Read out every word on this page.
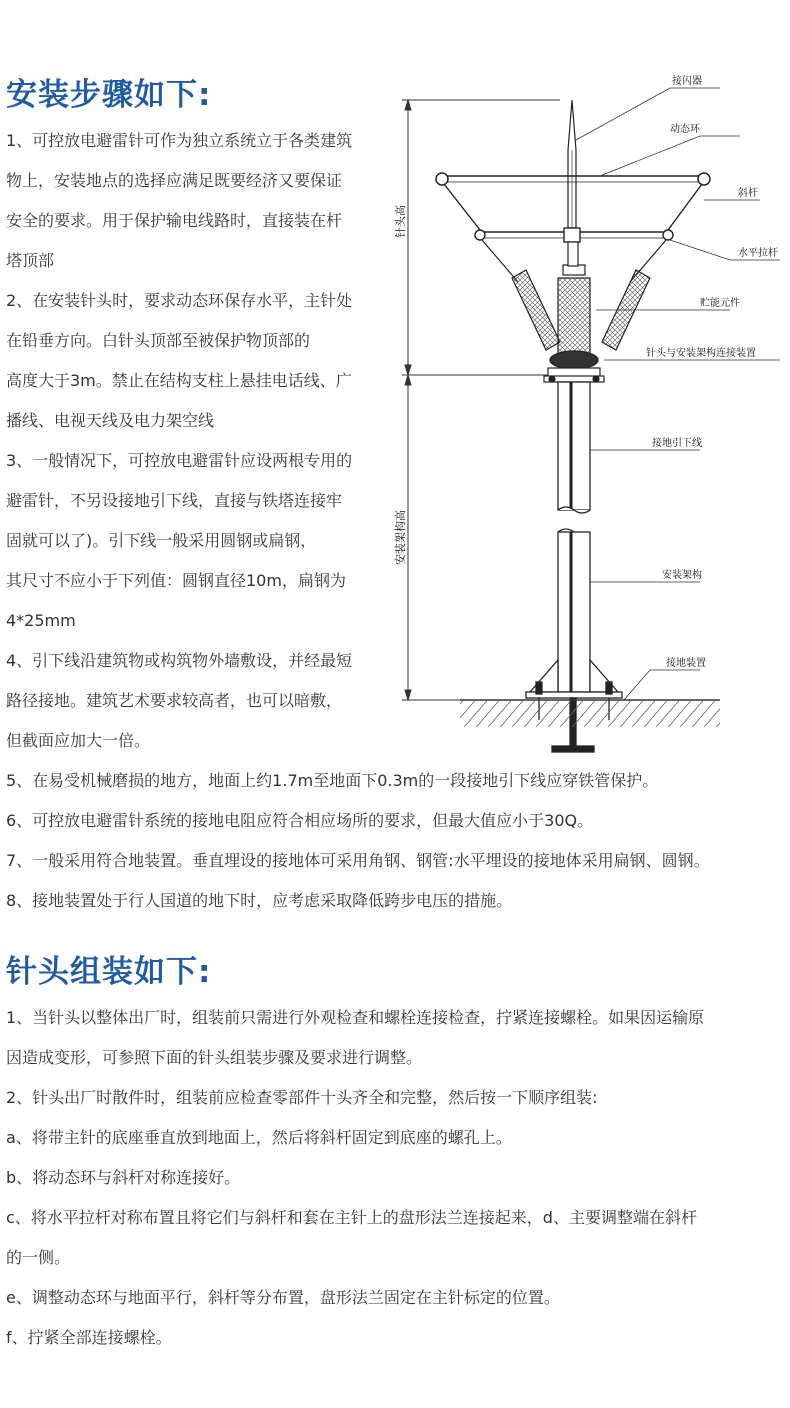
安装步骤如下:
1、可控放电避雷针可作为独立系统立于各类建筑
物上，安装地点的选择应满足既要经济又要保证
安全的要求。用于保护输电线路时，直接装在杆
塔顶部
2、在安装针头时，要求动态环保存水平，主针处
在铅垂方向。白针头顶部至被保护物顶部的
高度大于3m。禁止在结构支柱上悬挂电话线、广
播线、电视天线及电力架空线
3、一般情况下，可控放电避雷针应设两根专用的
避雷针，不另设接地引下线，直接与铁塔连接牢
固就可以了)。引下线一般采用圆钢或扁钢，
其尺寸不应小于下列值：圆钢直径10m，扁钢为
4*25mm
4、引下线沿建筑物或构筑物外墙敷设，并经最短
路径接地。建筑艺术要求较高者，也可以暗敷，
但截面应加大一倍。
5、在易受机械磨损的地方，地面上约1.7m至地面下0.3m的一段接地引下线应穿铁管保护。
6、可控放电避雷针系统的接地电阻应符合相应场所的要求，但最大值应小于30Q。
7、一般采用符合地装置。垂直埋设的接地体可采用角钢、钢管:水平埋设的接地体采用扁钢、圆钢。
8、接地装置处于行人国道的地下时，应考虑采取降低跨步电压的措施。
针头组装如下:
1、当针头以整体出厂时，组装前只需进行外观检查和螺栓连接检查，拧紧连接螺栓。如果因运输原
因造成变形，可参照下面的针头组装步骤及要求进行调整。
2、针头出厂时散件时，组装前应检查零部件十头齐全和完整，然后按一下顺序组装:
a、将带主针的底座垂直放到地面上，然后将斜杆固定到底座的螺孔上。
b、将动态环与斜杆对称连接好。
c、将水平拉杆对称布置且将它们与斜杆和套在主针上的盘形法兰连接起来，d、主要调整端在斜杆
的一侧。
e、调整动态环与地面平行，斜杆等分布置，盘形法兰固定在主针标定的位置。
f、拧紧全部连接螺栓。
针头高
安装架构高
接闪器
动态环
斜杆
水平拉杆
贮能元件
针头与安装架构连接装置
接地引下线
安装架构
接地装置
